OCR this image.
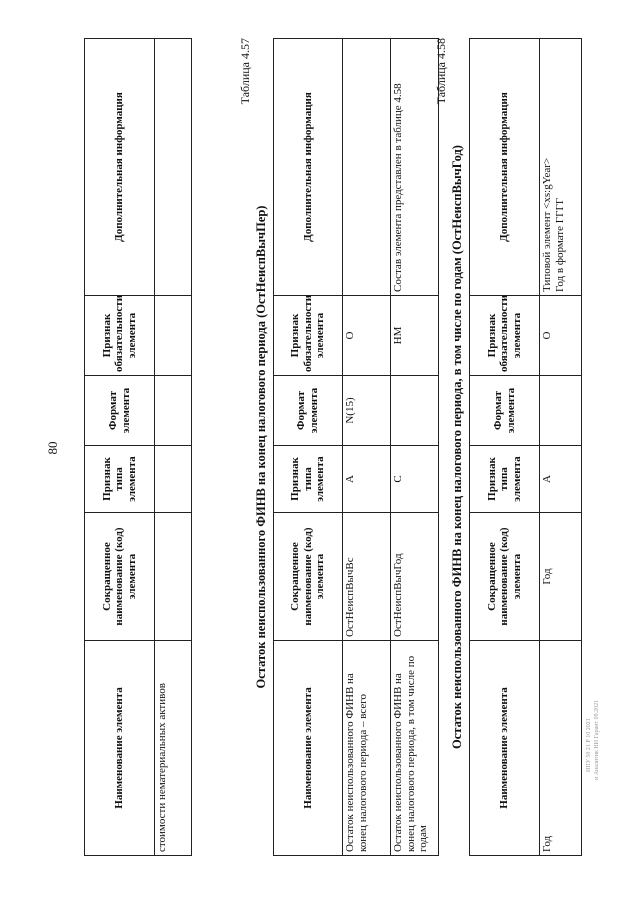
80
ИПУ 50 21 Р 10 2021 и Аналитик НИ Гарант 09.2021
Наименование элемента	Сокращенное наименование (код) элемента	Признак типа элемента	Формат элемента	Признак обязательности элемента	Дополнительная информация
стоимости нематериальных активов					
Таблица 4.57
Остаток неиспользованного ФИНВ на конец налогового периода (ОстНеиспВычПер)
Наименование элемента	Сокращенное наименование (код) элемента	Признак типа элемента	Формат элемента	Признак обязательности элемента	Дополнительная информация
Остаток неиспользованного ФИНВ на конец налогового периода – всего	ОстНеиспВычВс	А	N(15)	О	
Остаток неиспользованного ФИНВ на конец налогового периода, в том числе по годам	ОстНеиспВычГод	С		НМ	Состав элемента представлен в таблице 4.58
Таблица 4.58
Остаток неиспользованного ФИНВ на конец налогового периода, в том числе по годам (ОстНеиспВычГод)	Наименование элемента	Сокращенное наименование (код) элемента	Признак типа элемента	Формат элемента	Признак обязательности элемента	Дополнительная информация
Год	Год	А		О	Типовой элемент <xs:gYear>
Год в формате ГГГГ
